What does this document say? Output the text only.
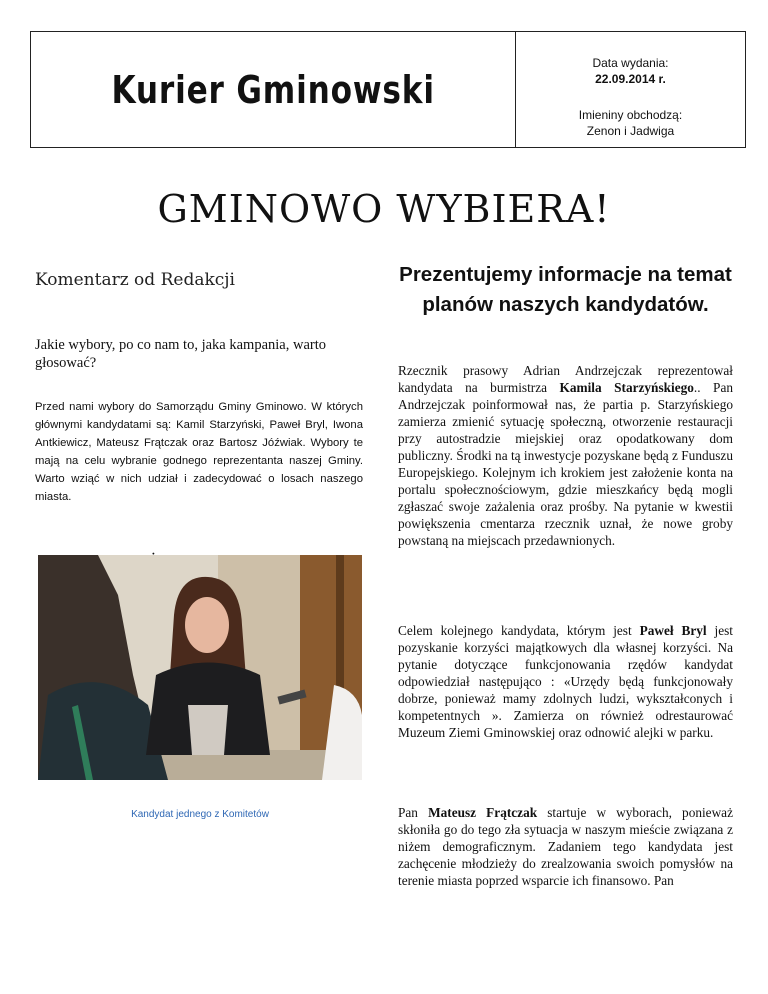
Kurier Gminowski
Data wydania:
22.09.2014 r.
Imieniny obchodzą:
Zenon i Jadwiga
GMINOWO WYBIERA!
Komentarz od Redakcji

Jakie wybory, po co nam to, jaka kampania, warto głosować?

Przed nami wybory do Samorządu Gminy Gminowo. W których głównymi kandydatami są: Kamil Starzyński, Paweł Bryl, Iwona Antkiewicz, Mateusz Frątczak oraz Bartosz Jóźwiak. Wybory te mają na celu wybranie godnego reprezentanta naszej Gminy. Warto wziąć w nich udział i zadecydować o losach naszego miasta.

Kandydat jednego z Komitetów
Prezentujemy informacje na temat planów naszych kandydatów.

Rzecznik prasowy Adrian Andrzejczak reprezentował kandydata na burmistrza Kamila Starzyńskiego.. Pan Andrzejczak poinformował nas, że partia p. Starzyńskiego zamierza zmienić sytuację społeczną, otworzenie restauracji przy autostradzie miejskiej oraz opodatkowany dom publiczny. Środki na tą inwestycje pozyskane będą z Funduszu Europejskiego. Kolejnym ich krokiem jest założenie konta na portalu społecznościowym, gdzie mieszkańcy będą mogli zgłaszać swoje zażalenia oraz prośby. Na pytanie w kwestii powiększenia cmentarza rzecznik uznał, że nowe groby powstaną na miejscach przedawnionych.

Celem kolejnego kandydata, którym jest Paweł Bryl jest pozyskanie korzyści majątkowych dla własnej korzyści. Na pytanie dotyczące funkcjonowania rzędów kandydat odpowiedział następująco : «Urzędy będą funkcjonowały dobrze, ponieważ mamy zdolnych ludzi, wykształconych i kompetentnych ». Zamierza on również odrestaurować Muzeum Ziemi Gminowskiej oraz odnowić alejki w parku.

Pan Mateusz Frątczak startuje w wyborach, ponieważ skłoniła go do tego zła sytuacja w naszym mieście związana z niżem demograficznym. Zadaniem tego kandydata jest zachęcenie młodzieży do zrealzowania swoich pomysłów na terenie miasta poprzed wsparcie ich finansowo. Pan
